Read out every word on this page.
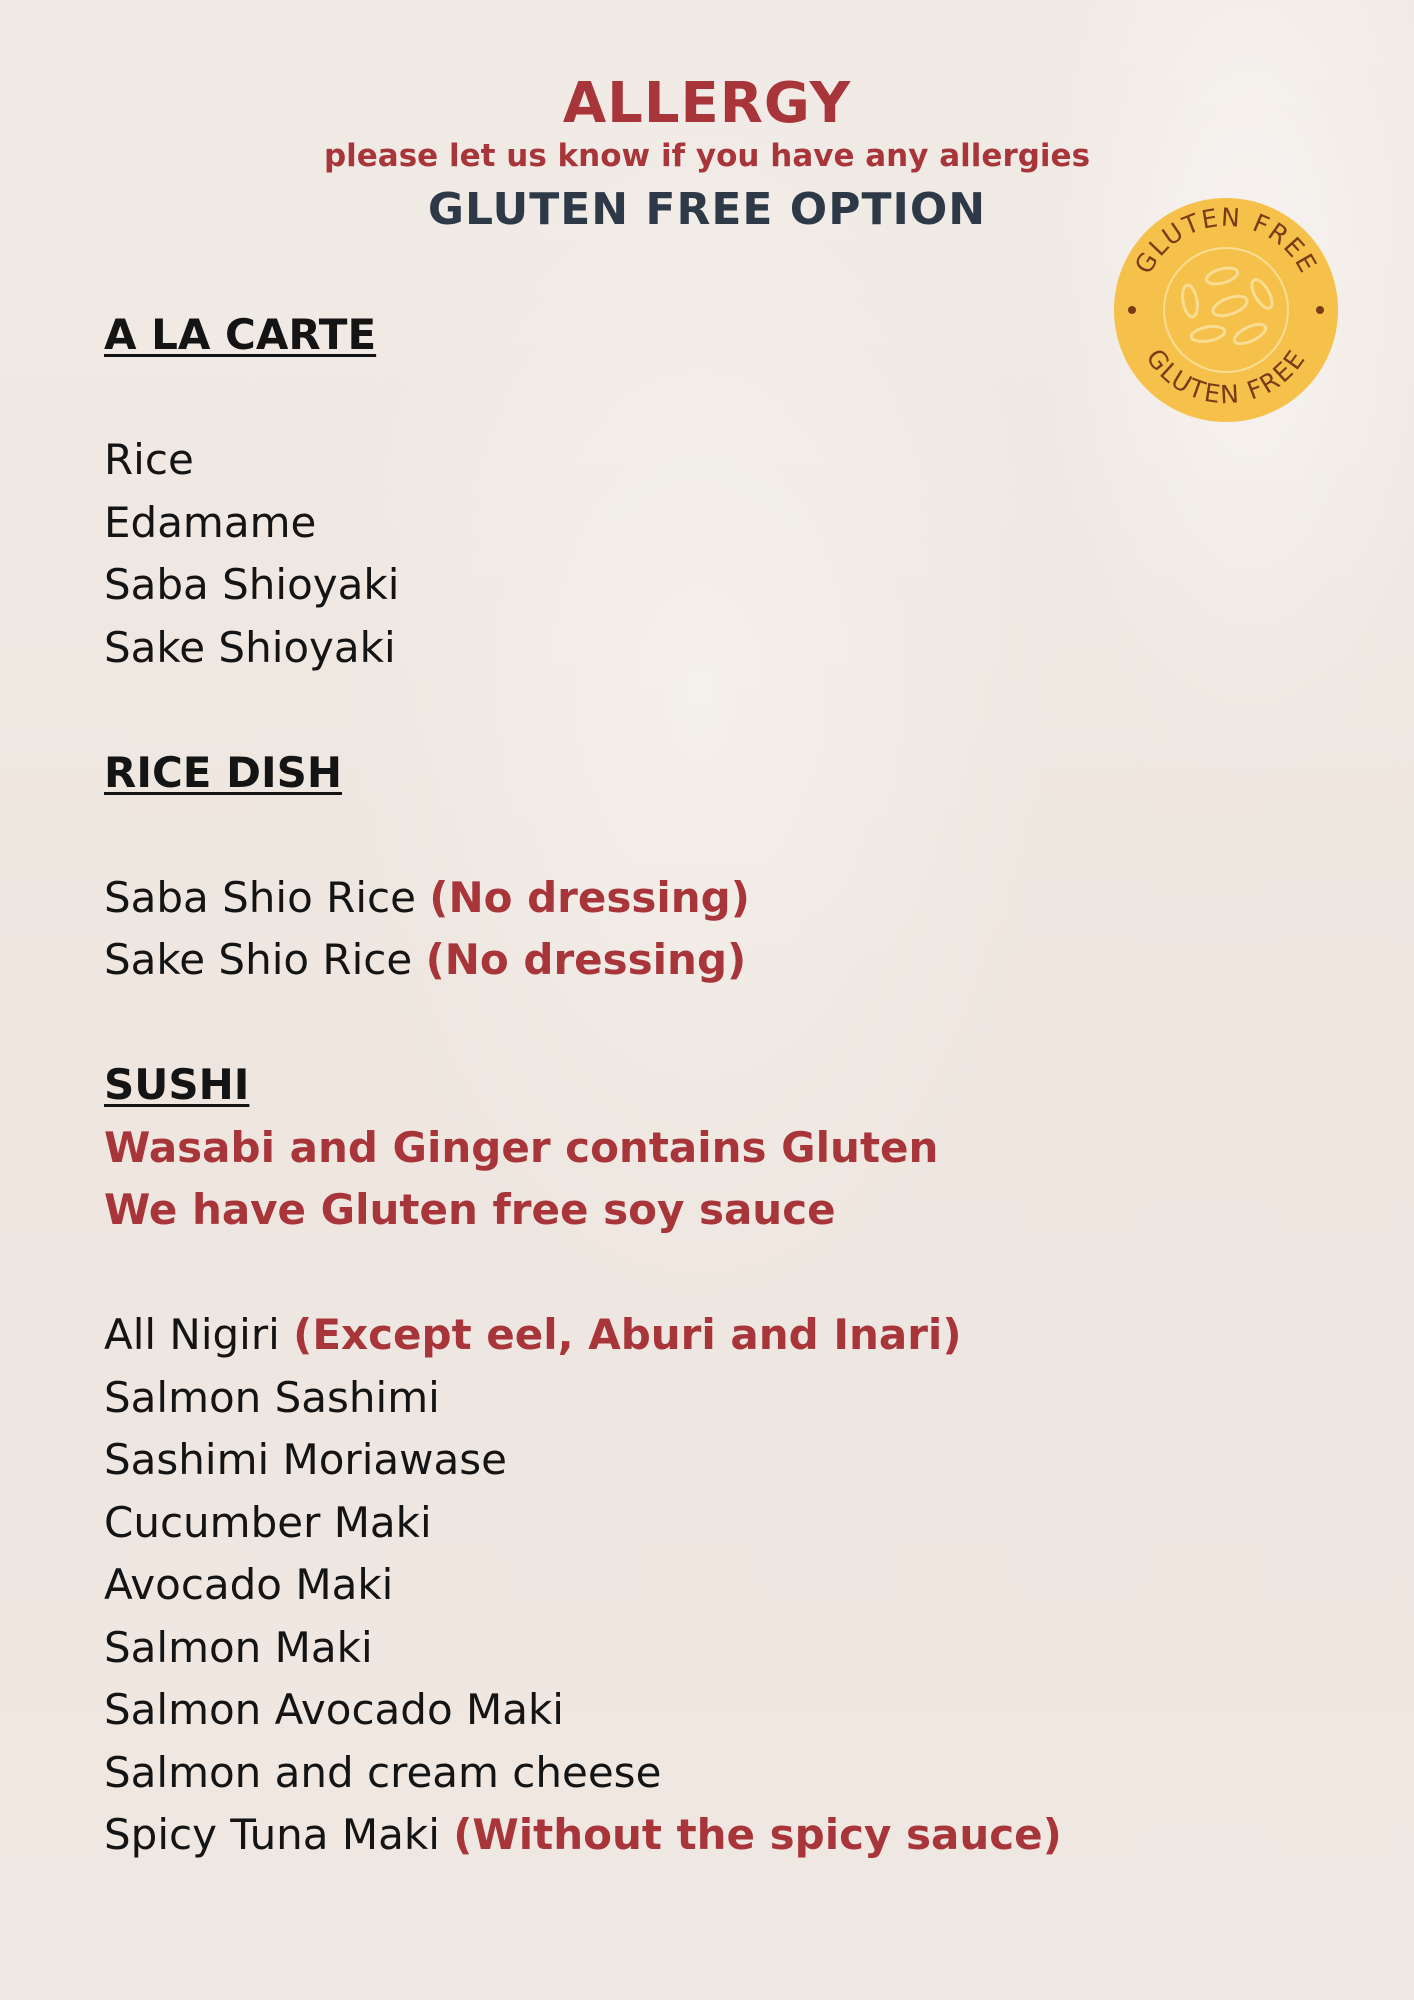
ALLERGY
please let us know if you have any allergies
GLUTEN FREE OPTION
GLUTEN FREE
GLUTEN FREE
A LA CARTE
Rice
Edamame
Saba Shioyaki
Sake Shioyaki
RICE DISH
Saba Shio Rice (No dressing)
Sake Shio Rice (No dressing)
SUSHI
Wasabi and Ginger contains Gluten
We have Gluten free soy sauce
All Nigiri (Except eel, Aburi and Inari)
Salmon Sashimi
Sashimi Moriawase
Cucumber Maki
Avocado Maki
Salmon Maki
Salmon Avocado Maki
Salmon and cream cheese
Spicy Tuna Maki (Without the spicy sauce)
